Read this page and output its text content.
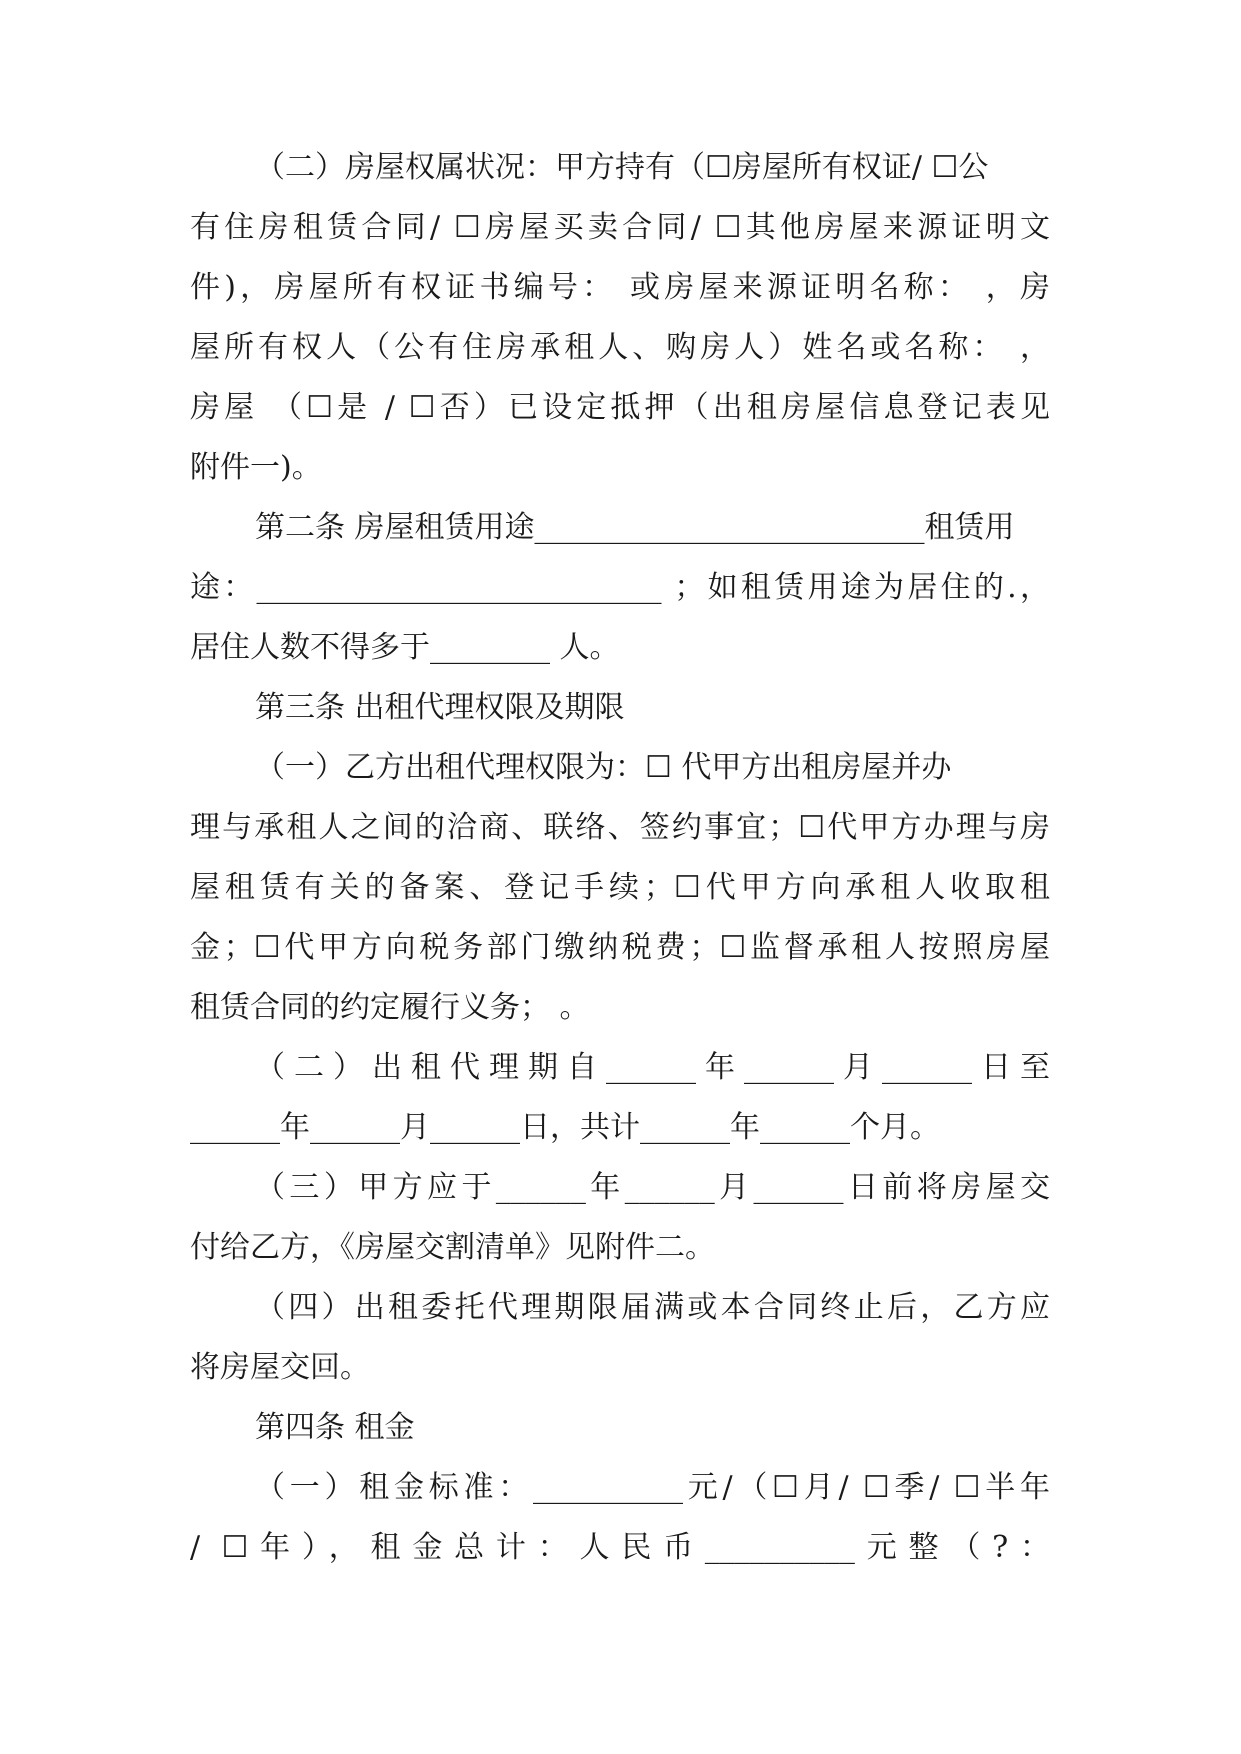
（二）房屋权属状况：甲方持有（☐房屋所有权证/ ☐公
有住房租赁合同/ ☐房屋买卖合同/ ☐其他房屋来源证明文
件)，房屋所有权证书编号： 或房屋来源证明名称： ，房
屋所有权人（公有住房承租人、购房人）姓名或名称： ，
房屋 （☐是 / ☐否）已设定抵押（出租房屋信息登记表见
附件一)。
第二条 房屋租赁用途__________________________租赁用
途：___________________________ ；如租赁用途为居住的.，
居住人数不得多于________ 人。
第三条 出租代理权限及期限
（一）乙方出租代理权限为：☐ 代甲方出租房屋并办
理与承租人之间的洽商、联络、签约事宜；☐代甲方办理与房
屋租赁有关的备案、登记手续；☐代甲方向承租人收取租
金；☐代甲方向税务部门缴纳税费；☐监督承租人按照房屋
租赁合同的约定履行义务； 。
（二）出租代理期自______年______月______日至
______年______月______日，共计______年______个月。
（三）甲方应于______年______月______日前将房屋交
付给乙方，《房屋交割清单》见附件二。
（四）出租委托代理期限届满或本合同终止后，乙方应
将房屋交回。
第四条 租金
（一）租金标准：__________元/（☐月/ ☐季/ ☐半年
/ ☐年），租金总计：人民币__________元整（?：
